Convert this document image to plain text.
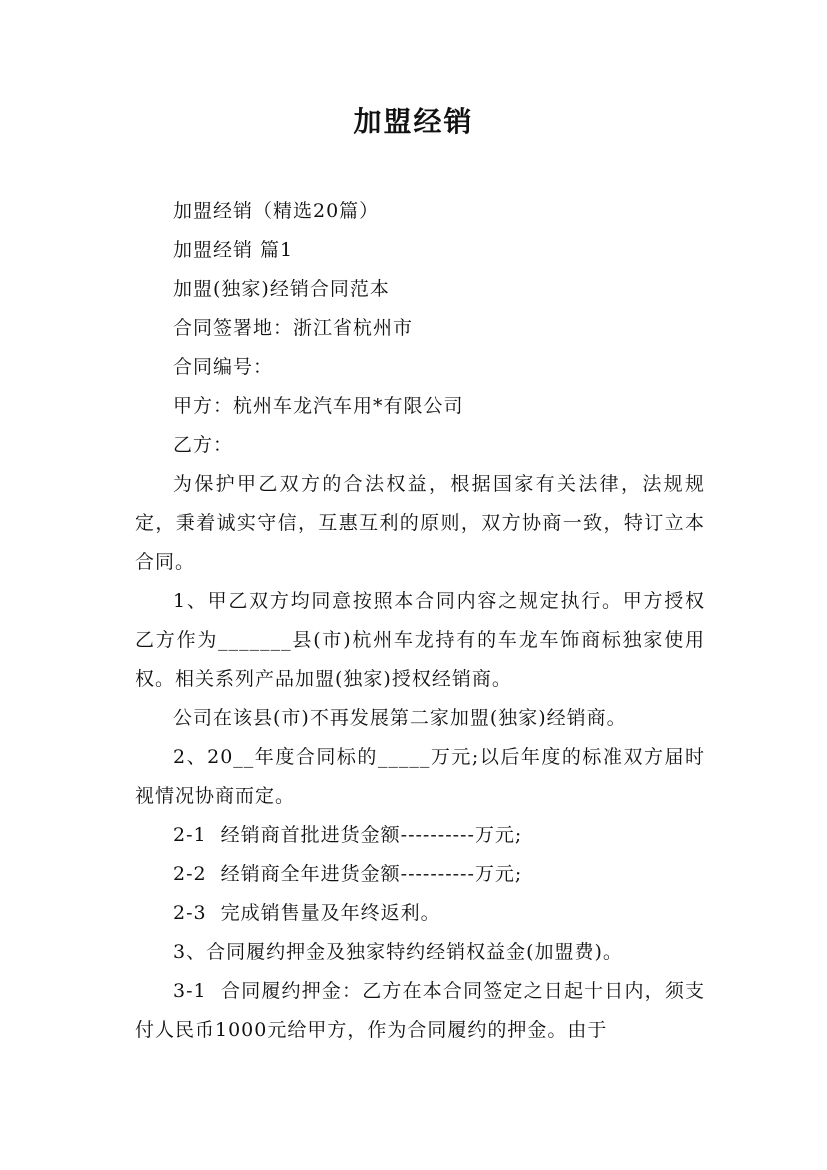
加盟经销

加盟经销（精选20篇）

加盟经销 篇1

加盟(独家)经销合同范本

合同签署地：浙江省杭州市

合同编号：

甲方：杭州车龙汽车用*有限公司

乙方：

为保护甲乙双方的合法权益，根据国家有关法律，法规规定，秉着诚实守信，互惠互利的原则，双方协商一致，特订立本合同。

1、甲乙双方均同意按照本合同内容之规定执行。甲方授权乙方作为_______县(市)杭州车龙持有的车龙车饰商标独家使用权。相关系列产品加盟(独家)授权经销商。

公司在该县(市)不再发展第二家加盟(独家)经销商。

2、20__年度合同标的_____万元;以后年度的标准双方届时视情况协商而定。

2-1  经销商首批进货金额----------万元;

2-2  经销商全年进货金额----------万元;

2-3  完成销售量及年终返利。

3、合同履约押金及独家特约经销权益金(加盟费)。

3-1  合同履约押金：乙方在本合同签定之日起十日内，须支付人民币1000元给甲方，作为合同履约的押金。由于
